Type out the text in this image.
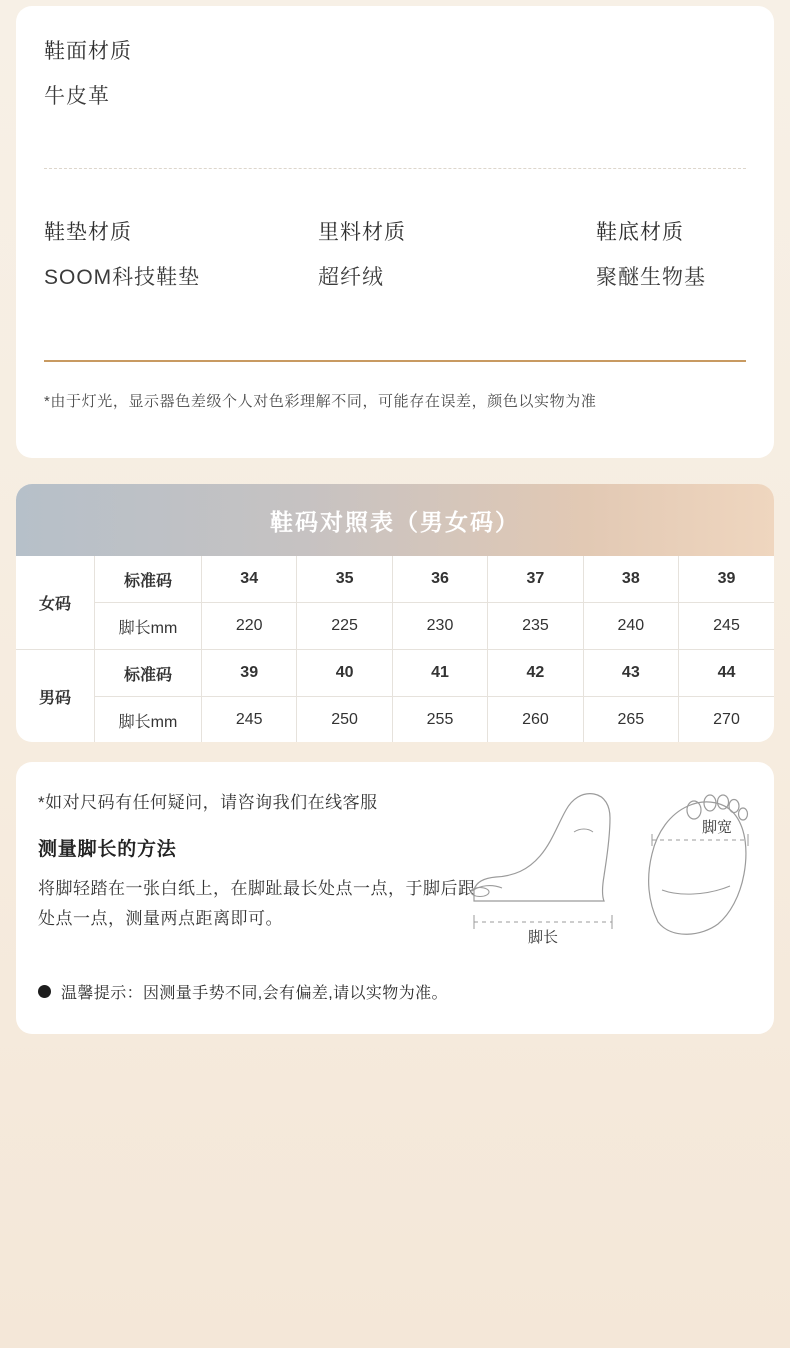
鞋面材质
牛皮革
鞋垫材质
SOOM科技鞋垫
里料材质
超纤绒
鞋底材质
聚醚生物基
*由于灯光，显示器色差级个人对色彩理解不同，可能存在误差，颜色以实物为准
鞋码对照表（男女码）
女码	标准码	34	35	36	37	38	39
	脚长mm	220	225	230	235	240	245
男码	标准码	39	40	41	42	43	44
	脚长mm	245	250	255	260	265	270
*如对尺码有任何疑问，请咨询我们在线客服
测量脚长的方法
将脚轻踏在一张白纸上，在脚趾最长处点一点，于脚后跟处点一点，测量两点距离即可。
温馨提示：因测量手势不同,会有偏差,请以实物为准。
脚长
脚宽
